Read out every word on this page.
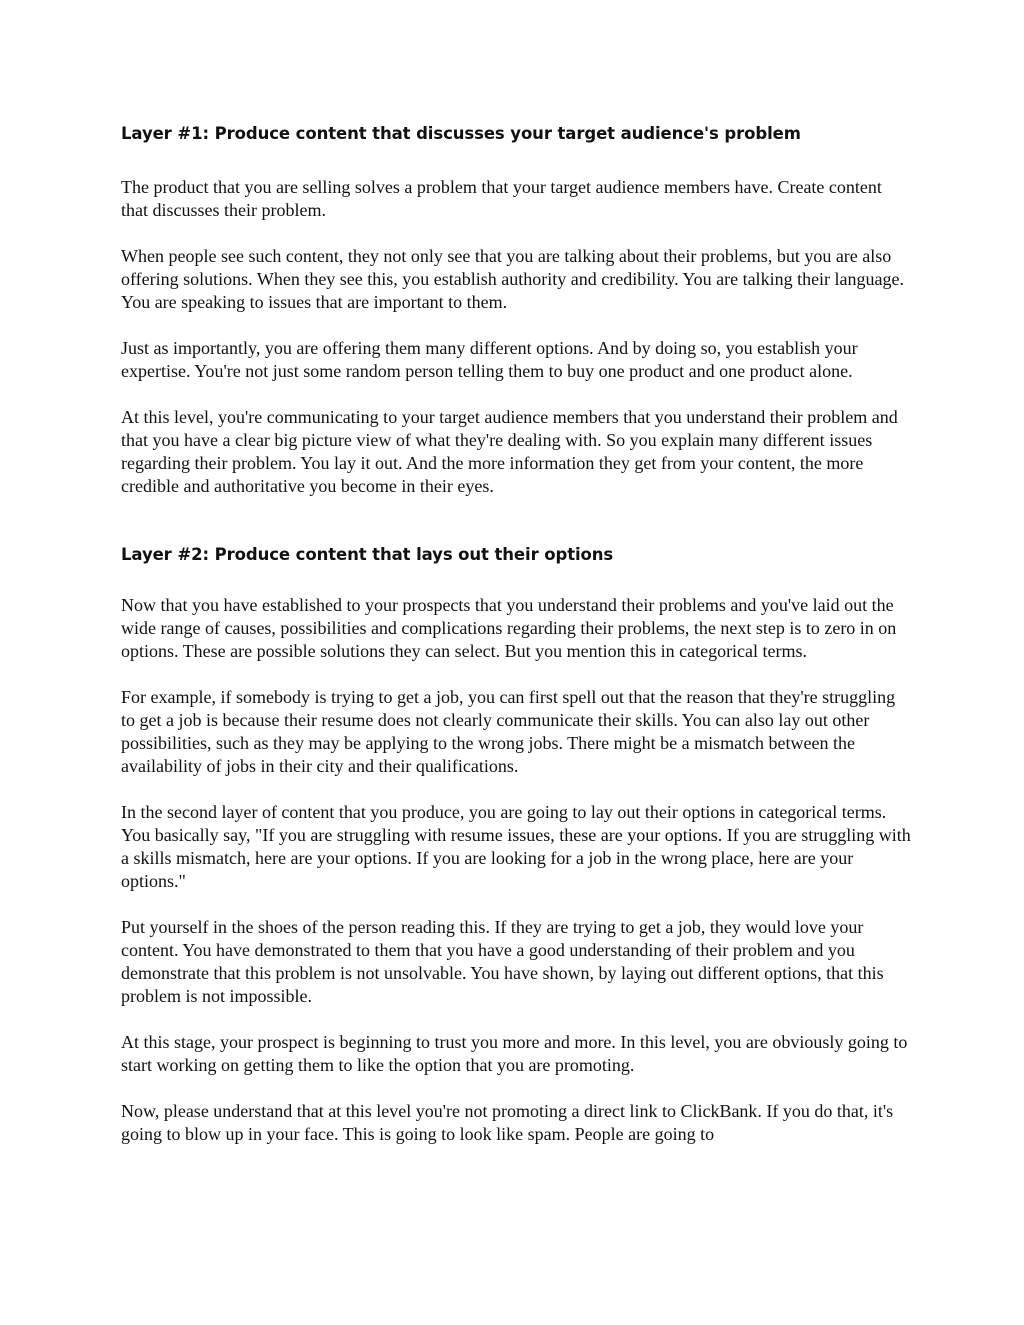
Layer #1: Produce content that discusses your target audience's problem

The product that you are selling solves a problem that your target audience members have. Create content that discusses their problem.

When people see such content, they not only see that you are talking about their problems, but you are also offering solutions. When they see this, you establish authority and credibility. You are talking their language. You are speaking to issues that are important to them.

Just as importantly, you are offering them many different options. And by doing so, you establish your expertise. You're not just some random person telling them to buy one product and one product alone.

At this level, you're communicating to your target audience members that you understand their problem and that you have a clear big picture view of what they're dealing with. So you explain many different issues regarding their problem. You lay it out. And the more information they get from your content, the more credible and authoritative you become in their eyes.

Layer #2: Produce content that lays out their options

Now that you have established to your prospects that you understand their problems and you've laid out the wide range of causes, possibilities and complications regarding their problems, the next step is to zero in on options. These are possible solutions they can select. But you mention this in categorical terms.

For example, if somebody is trying to get a job, you can first spell out that the reason that they're struggling to get a job is because their resume does not clearly communicate their skills. You can also lay out other possibilities, such as they may be applying to the wrong jobs. There might be a mismatch between the availability of jobs in their city and their qualifications.

In the second layer of content that you produce, you are going to lay out their options in categorical terms. You basically say, "If you are struggling with resume issues, these are your options. If you are struggling with a skills mismatch, here are your options. If you are looking for a job in the wrong place, here are your options."

Put yourself in the shoes of the person reading this. If they are trying to get a job, they would love your content. You have demonstrated to them that you have a good understanding of their problem and you demonstrate that this problem is not unsolvable. You have shown, by laying out different options, that this problem is not impossible.

At this stage, your prospect is beginning to trust you more and more. In this level, you are obviously going to start working on getting them to like the option that you are promoting.

Now, please understand that at this level you're not promoting a direct link to ClickBank. If you do that, it's going to blow up in your face. This is going to look like spam. People are going to
